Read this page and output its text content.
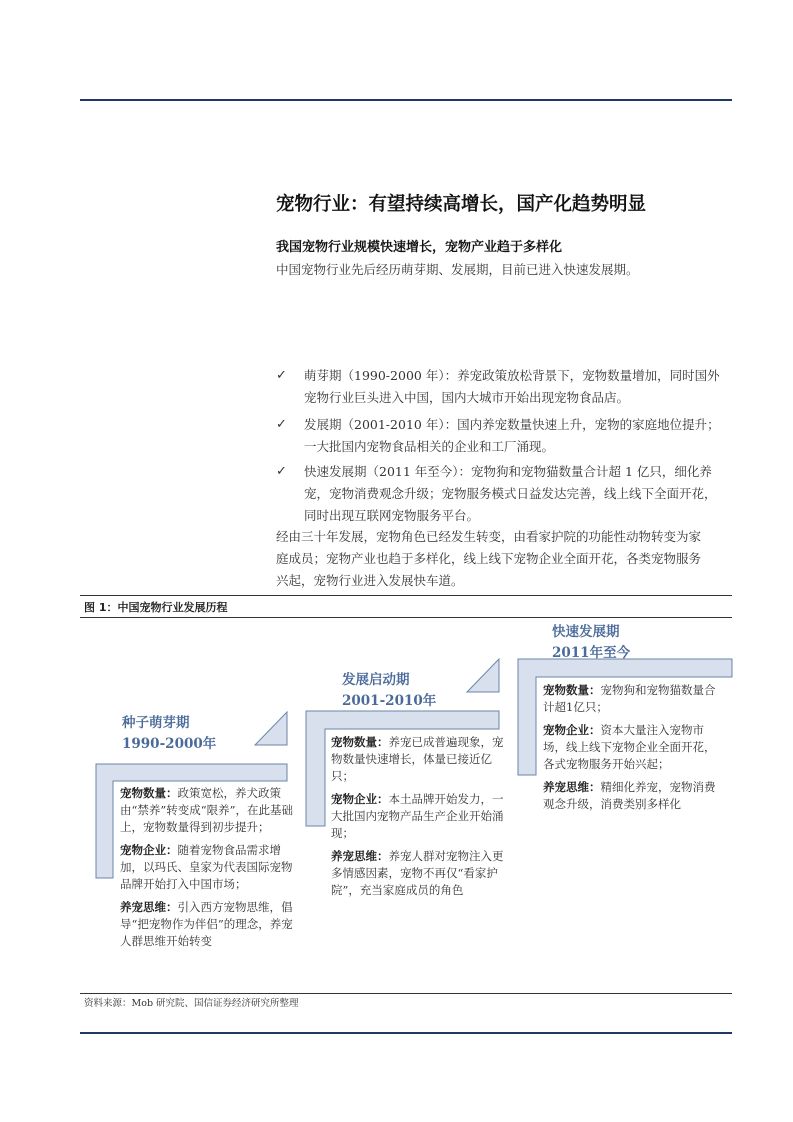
宠物行业：有望持续高增长，国产化趋势明显
我国宠物行业规模快速增长，宠物产业趋于多样化
中国宠物行业先后经历萌芽期、发展期，目前已进入快速发展期。
✓ 萌芽期（1990-2000 年）：养宠政策放松背景下，宠物数量增加，同时国外
宠物行业巨头进入中国，国内大城市开始出现宠物食品店。
✓ 发展期（2001-2010 年）：国内养宠数量快速上升，宠物的家庭地位提升；
一大批国内宠物食品相关的企业和工厂涌现。
✓ 快速发展期（2011 年至今）：宠物狗和宠物猫数量合计超 1 亿只，细化养
宠，宠物消费观念升级；宠物服务模式日益发达完善，线上线下全面开花，
同时出现互联网宠物服务平台。
经由三十年发展，宠物角色已经发生转变，由看家护院的功能性动物转变为家
庭成员；宠物产业也趋于多样化，线上线下宠物企业全面开花，各类宠物服务
兴起，宠物行业进入发展快车道。
图 1：中国宠物行业发展历程
种子萌芽期
1990-2000年

宠物数量：政策宽松，养犬政策由“禁养”转变成“限养”，在此基础上，宠物数量得到初步提升；

宠物企业：随着宠物食品需求增加，以玛氏、皇家为代表国际宠物品牌开始打入中国市场；

养宠思维：引入西方宠物思维，倡导“把宠物作为伴侣”的理念，养宠人群思维开始转变

发展启动期
2001-2010年

宠物数量：养宠已成普遍现象，宠物数量快速增长，体量已接近亿只；

宠物企业：本土品牌开始发力，一大批国内宠物产品生产企业开始涌现；

养宠思维：养宠人群对宠物注入更多情感因素，宠物不再仅“看家护院”，充当家庭成员的角色

快速发展期
2011年至今

宠物数量：宠物狗和宠物猫数量合计超1亿只；

宠物企业：资本大量注入宠物市场，线上线下宠物企业全面开花，各式宠物服务开始兴起；

养宠思维：精细化养宠，宠物消费观念升级，消费类别多样化

资料来源：Mob 研究院、国信证券经济研究所整理
